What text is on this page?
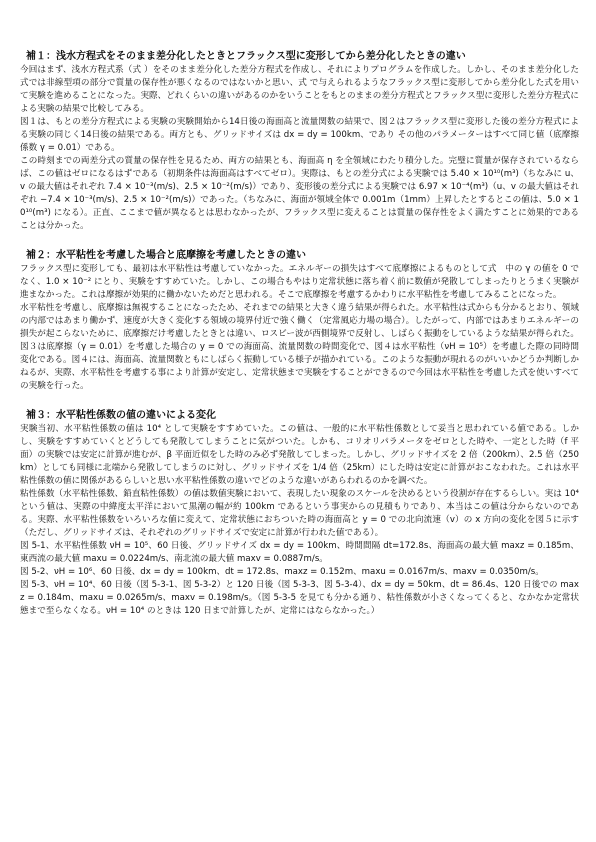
補１：浅水方程式をそのまま差分化したときとフラックス型に変形してから差分化したときの違い

今回はまず、浅水方程式系（式 ）をそのまま差分化した差分方程式を作成し、それによりプログラムを作成した。しかし、そのまま差分化した式では非線型項の部分で質量の保存性が悪くなるのではないかと思い、式 で与えられるようなフラックス型に変形してから差分化した式を用いて実験を進めることになった。実際、どれくらいの違いがあるのかをいうことをもとのままの差分方程式とフラックス型に変形した差分方程式による実験の結果で比較してみる。

図１は、もとの差分方程式による実験の実験開始から14日後の海面高と流量関数の結果で、図２はフラックス型に変形した後の差分方程式による実験の同じく14日後の結果である。両方とも、グリッドサイズは dx = dy = 100km、であり その他のパラメーターはすべて同じ値（底摩擦係数 γ = 0.01）である。

この時刻までの両差分式の質量の保存性を見るため、両方の結果とも、海面高 η を全領域にわたり積分した。完璧に質量が保存されているならば、この値はゼロになるはずである（初期条件は海面高はすべてゼロ）。実際は、もとの差分式による実験では 5.40 × 10¹⁰(m³)（ちなみに u、v の最大値はそれぞれ 7.4 × 10⁻³(m/s)、2.5 × 10⁻²(m/s)）であり、変形後の差分式による実験では 6.97 × 10⁻⁴(m³)（u、v の最大値はそれぞれ −7.4 × 10⁻³(m/s)、2.5 × 10⁻²(m/s)）であった。（ちなみに、海面が領域全体で 0.001m（1mm）上昇したとするとこの値は、5.0 × 10¹⁰(m³) になる）。正直、ここまで値が異なるとは思わなかったが、フラックス型に変えることは質量の保存性をよく満たすことに効果的であることは分かった。

補２：水平粘性を考慮した場合と底摩擦を考慮したときの違い

フラックス型に変形しても、最初は水平粘性は考慮していなかった。エネルギーの損失はすべて底摩擦によるものとして式　中の γ の値を 0 でなく、1.0 × 10⁻² にとり、実験をすすめていた。しかし、この場合もやはり定常状態に落ち着く前に数値が発散してしまったりとうまく実験が進まなかった。これは摩擦が効果的に働かないためだと思われる。そこで底摩擦を考慮するかわりに水平粘性を考慮してみることになった。

水平粘性を考慮し、底摩擦は無視することになったため、それまでの結果と大きく違う結果が得られた。水平粘性は式からも分かるとおり、領域の内部ではあまり働かず、速度が大きく変化する領域の境界付近で強く働く（定常風応力場の場合）。したがって、内部ではあまりエネルギーの損失が起こらないために、底摩擦だけ考慮したときとは違い、ロスビー波が西側境界で反射し、しばらく振動をしているような結果が得られた。図３は底摩擦（γ = 0.01）を考慮した場合の y = 0 での海面高、流量関数の時間変化で、図４は水平粘性（νH = 10⁵）を考慮した際の同時間変化である。図４には、海面高、流量関数ともにしばらく振動している様子が描かれている。このような振動が現れるのがいいかどうか判断しかねるが、実際、水平粘性を考慮する事により計算が安定し、定常状態まで実験をすることができるので今回は水平粘性を考慮した式を使いすべての実験を行った。

補３：水平粘性係数の値の違いによる変化

実験当初、水平粘性係数の値は 10⁴ として実験をすすめていた。この値は、一般的に水平粘性係数として妥当と思われている値である。しかし、実験をすすめていくとどうしても発散してしまうことに気がついた。しかも、コリオリパラメータをゼロとした時や、一定とした時（f 平面）の実験では安定に計算が進むが、β 平面近似をした時のみ必ず発散してしまった。しかし、グリッドサイズを 2 倍（200km）、2.5 倍（250km）としても同様に北端から発散してしまうのに対し、グリッドサイズを 1/4 倍（25km）にした時は安定に計算がおこなわれた。これは水平粘性係数の値に関係があるらしいと思い水平粘性係数の違いでどのような違いがあらわれるのかを調べた。

粘性係数（水平粘性係数、鉛直粘性係数）の値は数値実験において、表現したい現象のスケールを決めるという役割が存在するらしい。実は 10⁴ という値は、実際の中緯度太平洋において黒潮の幅が約 100km であるという事実からの見積もりであり、本当はこの値は分からないのである。実際、水平粘性係数をいろいろな値に変えて、定常状態におちついた時の海面高と y = 0 での北向流速（v）の x 方向の変化を図５に示す（ただし、グリッドサイズは、それぞれのグリッドサイズで安定に計算が行われた値である）。

図 5-1、水平粘性係数 νH = 10⁵、60 日後、グリッドサイズ dx = dy = 100km、時間間隔 dt=172.8s、海面高の最大値 maxz = 0.185m、東西流の最大値 maxu = 0.0224m/s、南北流の最大値 maxv = 0.0887m/s。

図 5-2、νH = 10⁶、60 日後、dx = dy = 100km、dt = 172.8s、maxz = 0.152m、maxu = 0.0167m/s、maxv = 0.0350m/s。

図 5-3、νH = 10⁴、60 日後（図 5-3-1、図 5-3-2）と 120 日後（図 5-3-3、図 5-3-4）、dx = dy = 50km、dt = 86.4s、120 日後での maxz = 0.184m、maxu = 0.0265m/s、maxv = 0.198m/s。（図 5-3-5 を見ても分かる通り、粘性係数が小さくなってくると、なかなか定常状態まで至らなくなる。νH = 10⁴ のときは 120 日まで計算したが、定常にはならなかった。）
